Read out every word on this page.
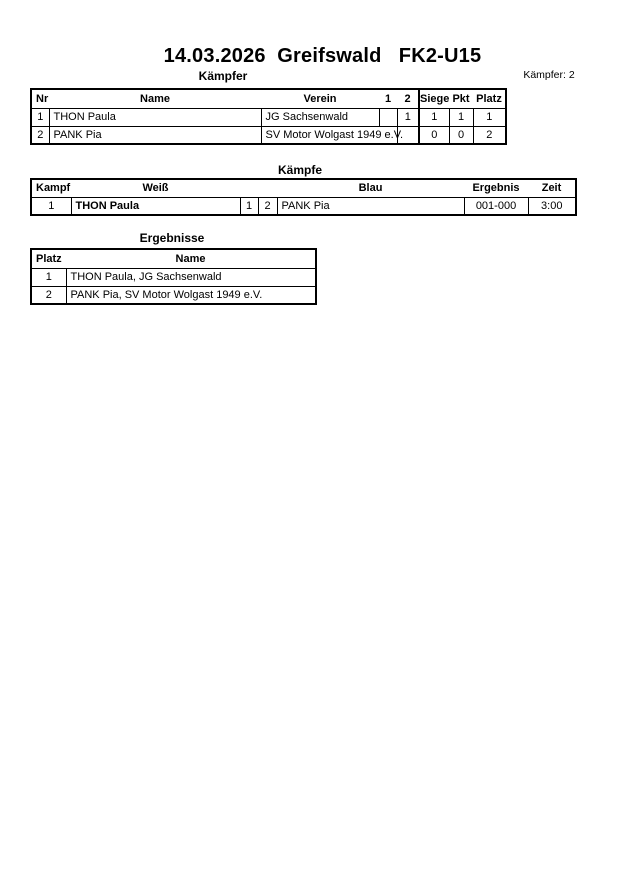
14.03.2026  Greifswald   FK2-U15
Kämpfer	Kämpfer: 2
Nr	Name	Verein	1	2	Siege	Pkt	Platz
1	THON Paula	JG Sachsenwald		1	1	1	1
2	PANK Pia	SV Motor Wolgast 1949 e.V.			0	0	2
Kämpfe
Kampf	Weiß			Blau	Ergebnis	Zeit
1	THON Paula	1	2	PANK Pia	001-000	3:00
Ergebnisse
Platz	Name
1	THON Paula, JG Sachsenwald
2	PANK Pia, SV Motor Wolgast 1949 e.V.
